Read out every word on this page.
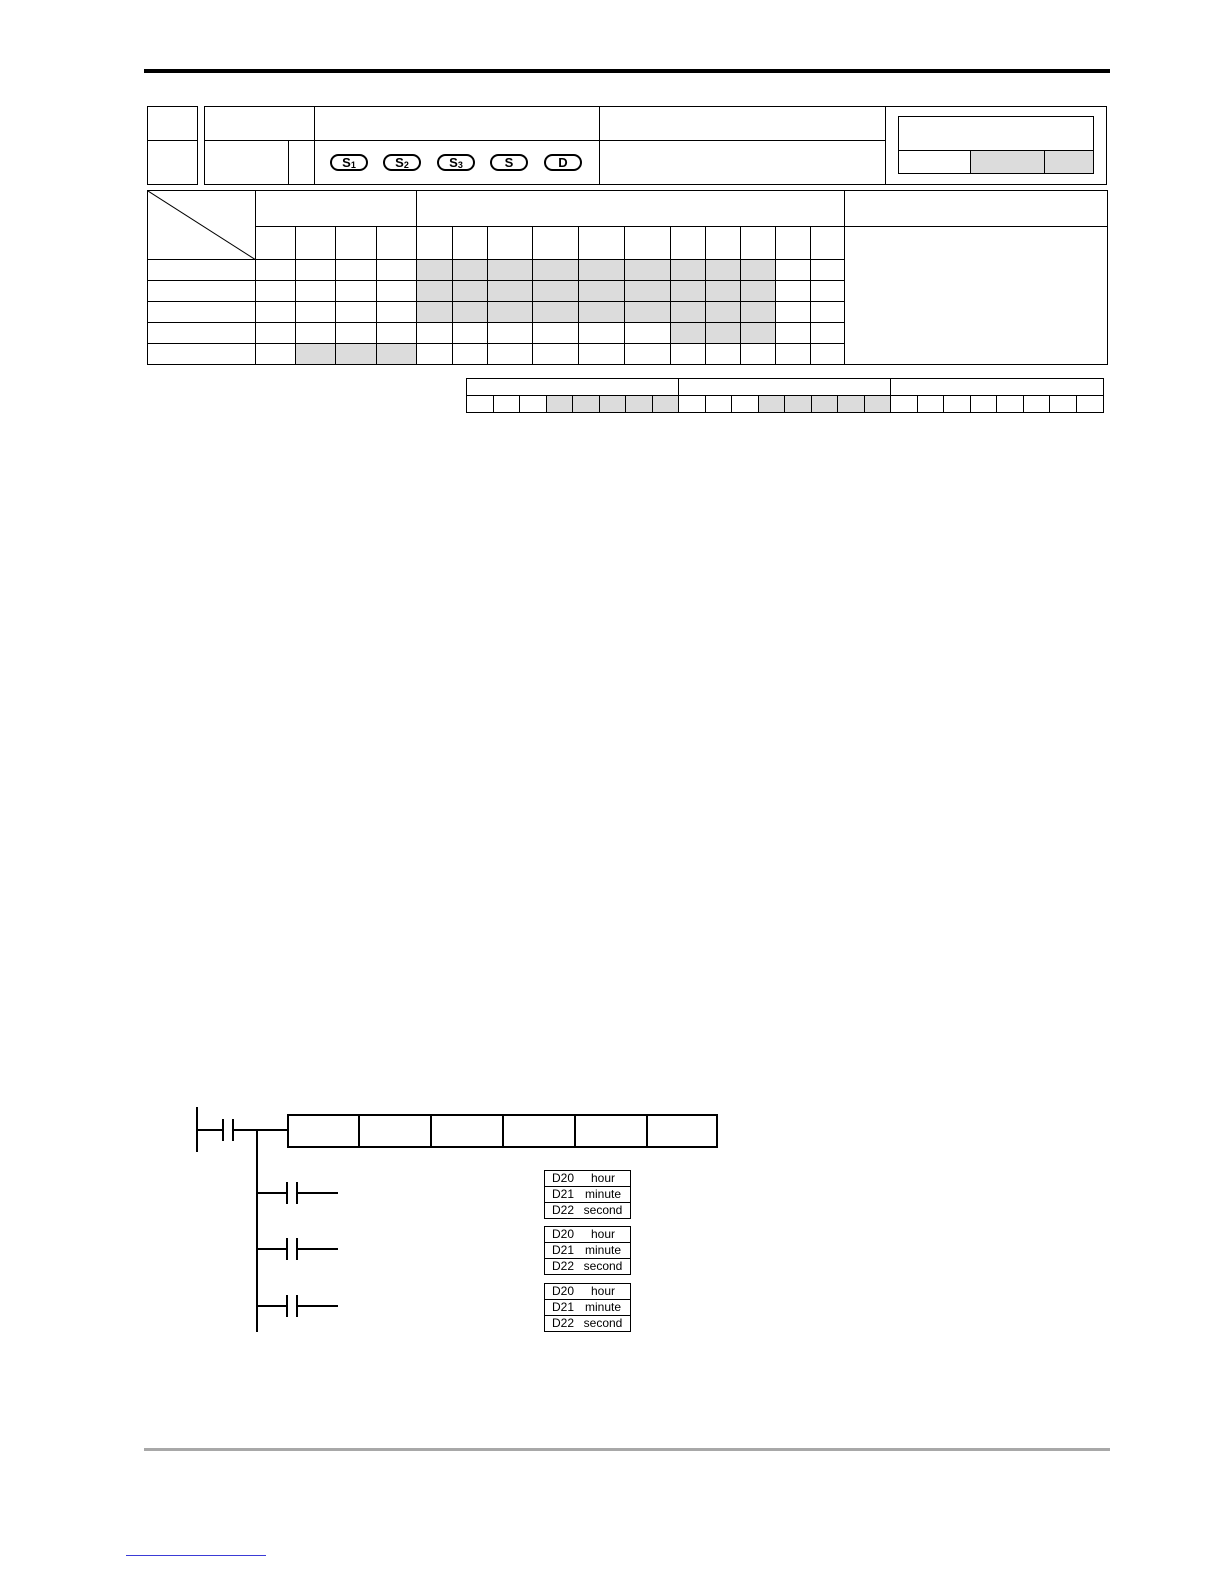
$S_1$	$S_2$	$S_3$	S	D

D20	hour
D21 minute
D22 second
D20	hour
D21 minute
D22 second
D20	hour
D21 minute
D22 second
